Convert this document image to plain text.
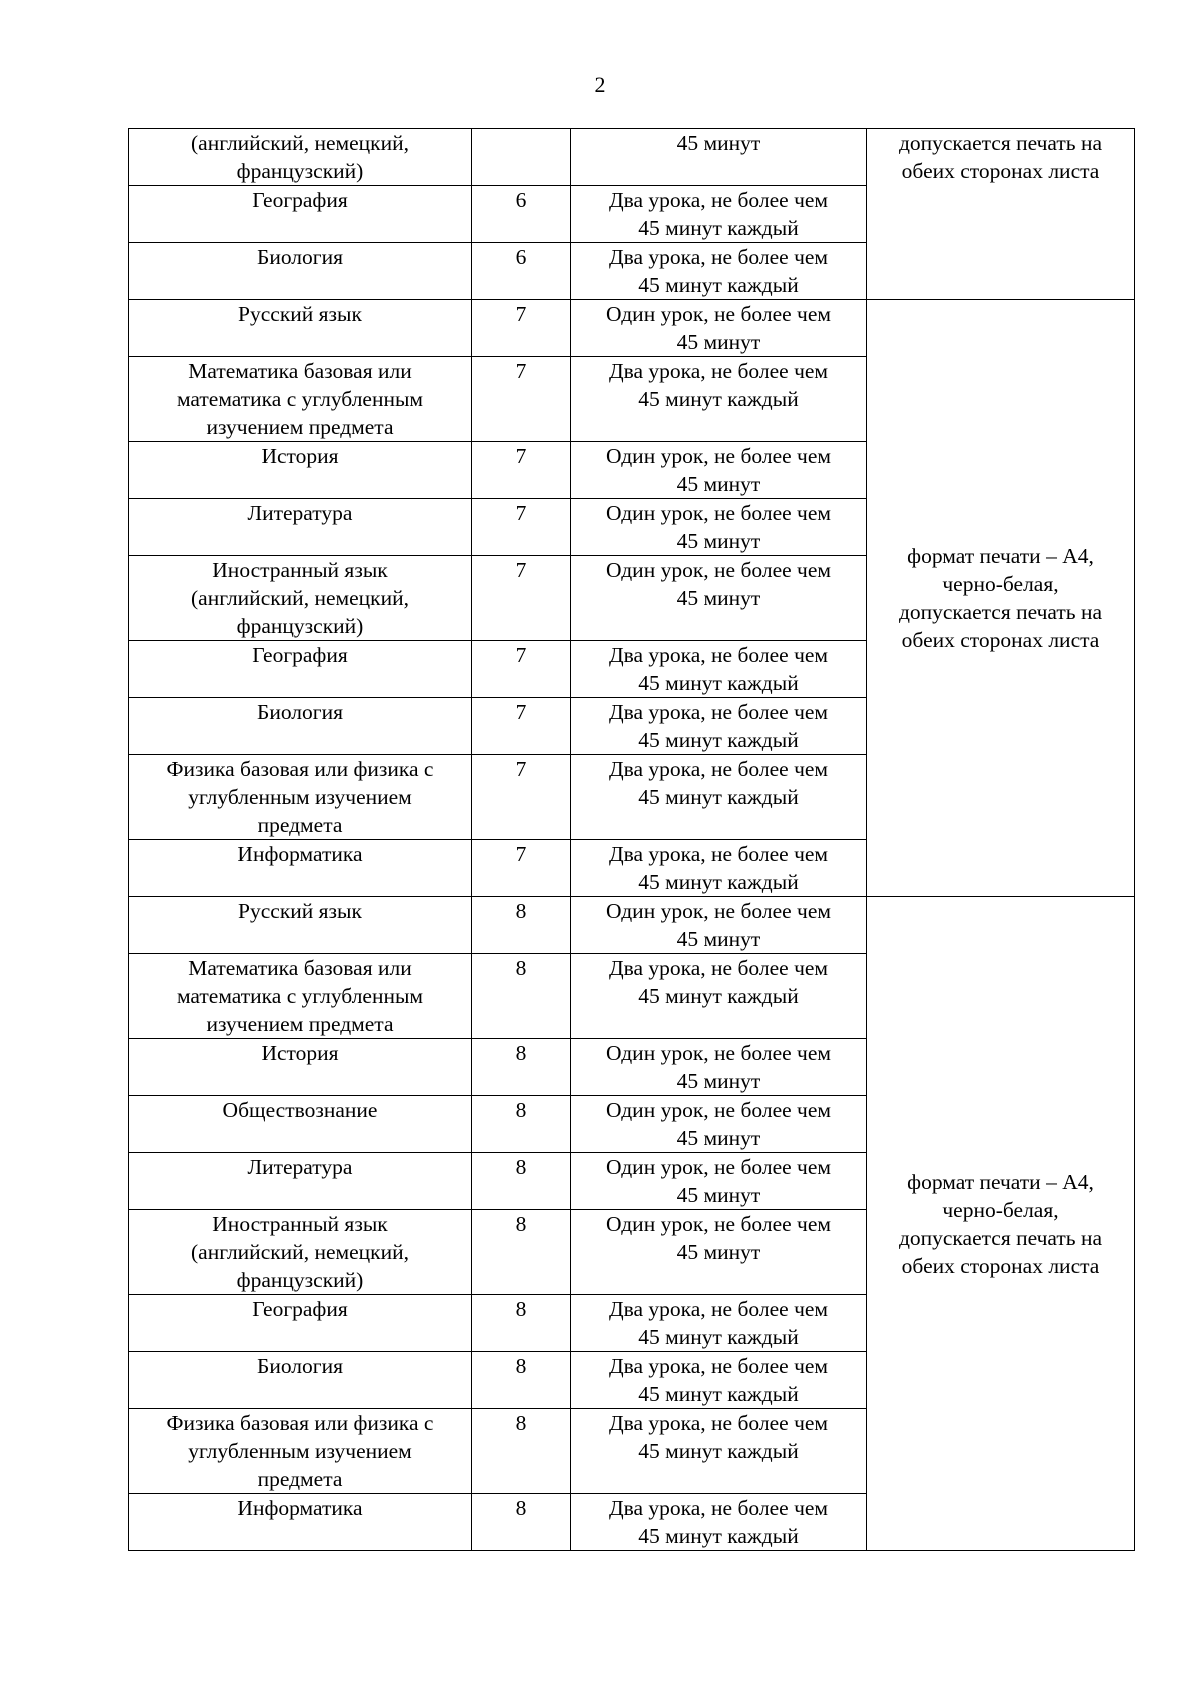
2
(английский, немецкий,
французский)		45 минут	допускается печать на
обеих сторонах листа

География	6	Два урока, не более чем
45 минут каждый	

Биология	6	Два урока, не более чем
45 минут каждый	

Русский язык	7	Один урок, не более чем
45 минут	формат печати – А4,
черно-белая,
допускается печать на
обеих сторонах листа

Математика базовая или
математика с углубленным
изучением предмета	7	Два урока, не более чем
45 минут каждый	

История	7	Один урок, не более чем
45 минут	

Литература	7	Один урок, не более чем
45 минут	

Иностранный язык
(английский, немецкий,
французский)	7	Один урок, не более чем
45 минут	

География	7	Два урока, не более чем
45 минут каждый	

Биология	7	Два урока, не более чем
45 минут каждый	

Физика базовая или физика с
углубленным изучением
предмета	7	Два урока, не более чем
45 минут каждый	

Информатика	7	Два урока, не более чем
45 минут каждый	

Русский язык	8	Один урок, не более чем
45 минут	формат печати – А4,
черно-белая,
допускается печать на
обеих сторонах листа

Математика базовая или
математика с углубленным
изучением предмета	8	Два урока, не более чем
45 минут каждый	

История	8	Один урок, не более чем
45 минут	

Обществознание	8	Один урок, не более чем
45 минут	

Литература	8	Один урок, не более чем
45 минут	

Иностранный язык
(английский, немецкий,
французский)	8	Один урок, не более чем
45 минут	

География	8	Два урока, не более чем
45 минут каждый	

Биология	8	Два урока, не более чем
45 минут каждый	

Физика базовая или физика с
углубленным изучением
предмета	8	Два урока, не более чем
45 минут каждый	

Информатика	8	Два урока, не более чем
45 минут каждый	
